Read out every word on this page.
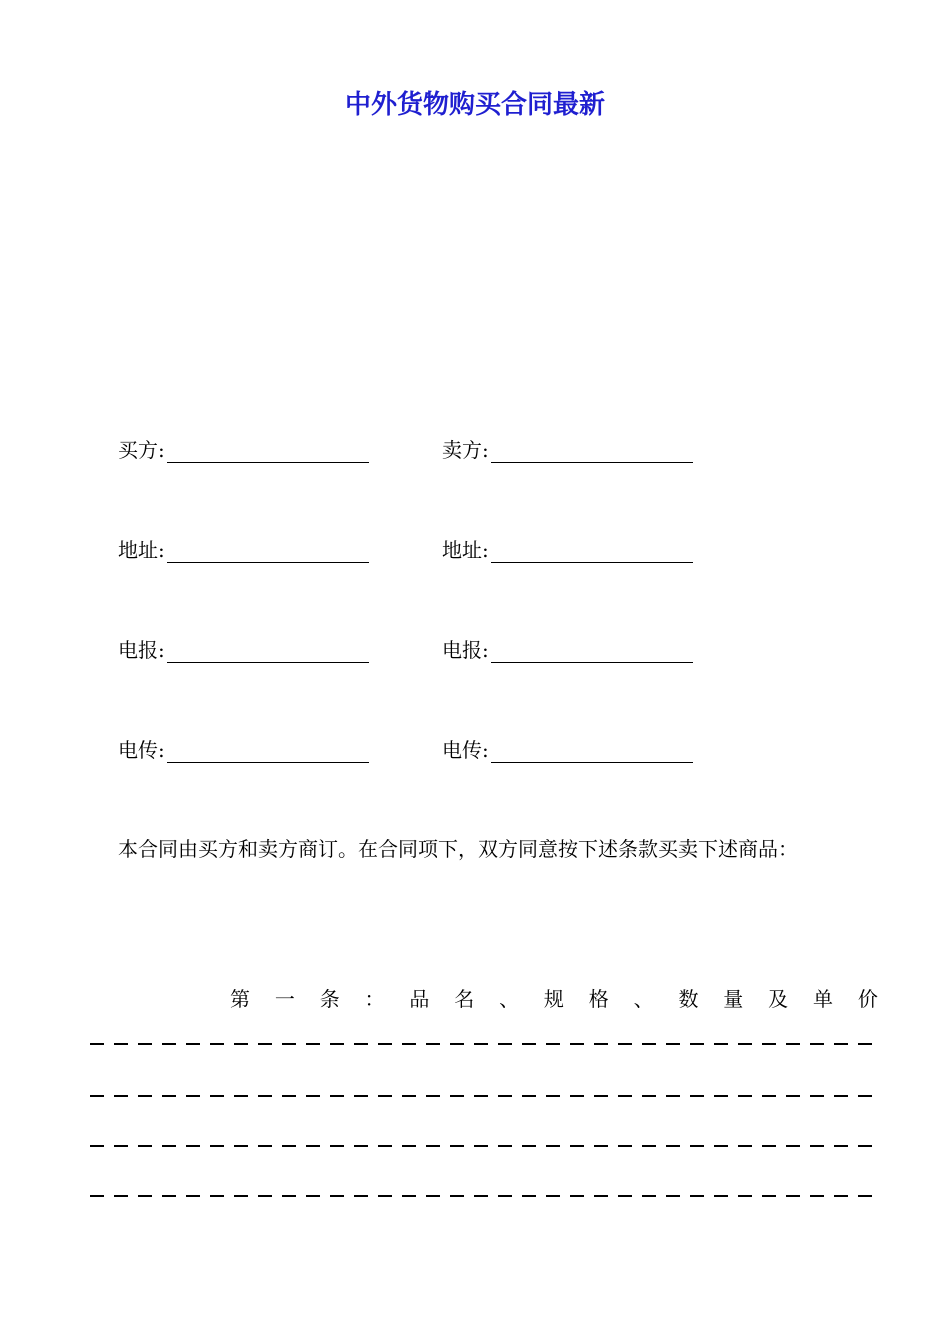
中外货物购买合同最新
买方:	卖方:
地址:	地址:
电报:	电报:
电传:	电传:
本合同由买方和卖方商订。在合同项下，双方同意按下述条款买卖下述商品：
第 一 条 ： 品 名 、 规 格 、 数 量 及 单 价
